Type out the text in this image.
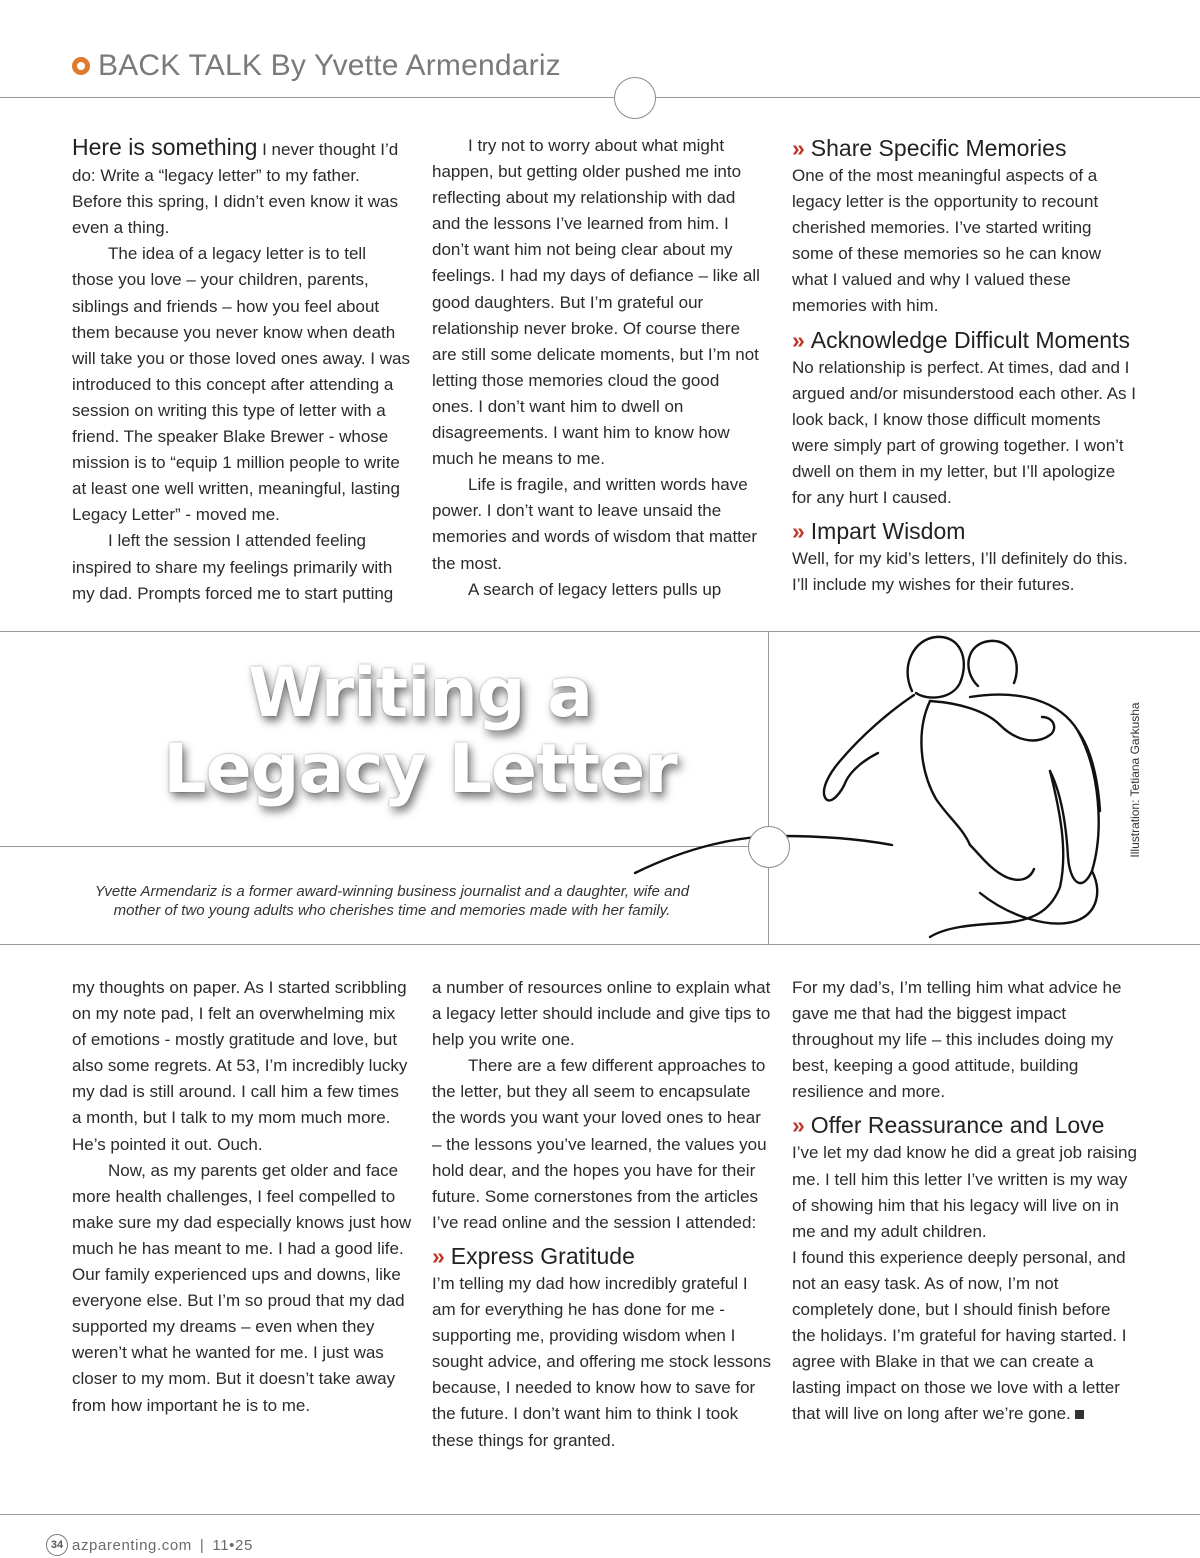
BACK TALK By Yvette Armendariz

Here is something I never thought I’d do: Write a “legacy letter” to my father. Before this spring, I didn’t even know it was even a thing.

The idea of a legacy letter is to tell those you love – your children, parents, siblings and friends – how you feel about them because you never know when death will take you or those loved ones away. I was introduced to this concept after attending a session on writing this type of letter with a friend. The speaker Blake Brewer - whose mission is to “equip 1 million people to write at least one well written, meaningful, lasting Legacy Letter” - moved me.

I left the session I attended feeling inspired to share my feelings primarily with my dad. Prompts forced me to start putting

I try not to worry about what might happen, but getting older pushed me into reflecting about my relationship with dad and the lessons I’ve learned from him. I don’t want him not being clear about my feelings. I had my days of defiance – like all good daughters. But I’m grateful our relationship never broke. Of course there are still some delicate moments, but I’m not letting those memories cloud the good ones. I don’t want him to dwell on disagreements. I want him to know how much he means to me.

Life is fragile, and written words have power. I don’t want to leave unsaid the memories and words of wisdom that matter the most.

A search of legacy letters pulls up

» Share Specific Memories

One of the most meaningful aspects of a legacy letter is the opportunity to recount cherished memories. I’ve started writing some of these memories so he can know what I valued and why I valued these memories with him.

» Acknowledge Difficult Moments

No relationship is perfect. At times, dad and I argued and/or misunderstood each other. As I look back, I know those difficult moments were simply part of growing together. I won’t dwell on them in my letter, but I’ll apologize for any hurt I caused.

» Impart Wisdom

Well, for my kid’s letters, I’ll definitely do this. I’ll include my wishes for their futures.

Writing a
Legacy Letter
Yvette Armendariz is a former award-winning business journalist and a daughter, wife and mother of two young adults who cherishes time and memories made with her family.
Illustration: Tetiana Garkusha

my thoughts on paper. As I started scribbling on my note pad, I felt an overwhelming mix of emotions - mostly gratitude and love, but also some regrets. At 53, I’m incredibly lucky my dad is still around. I call him a few times a month, but I talk to my mom much more. He’s pointed it out. Ouch.

Now, as my parents get older and face more health challenges, I feel compelled to make sure my dad especially knows just how much he has meant to me. I had a good life. Our family experienced ups and downs, like everyone else. But I’m so proud that my dad supported my dreams – even when they weren’t what he wanted for me. I just was closer to my mom. But it doesn’t take away from how important he is to me.

a number of resources online to explain what a legacy letter should include and give tips to help you write one.

There are a few different approaches to the letter, but they all seem to encapsulate the words you want your loved ones to hear – the lessons you’ve learned, the values you hold dear, and the hopes you have for their future. Some cornerstones from the articles I’ve read online and the session I attended:

» Express Gratitude

I’m telling my dad how incredibly grateful I am for everything he has done for me - supporting me, providing wisdom when I sought advice, and offering me stock lessons because, I needed to know how to save for the future. I don’t want him to think I took these things for granted.

For my dad’s, I’m telling him what advice he gave me that had the biggest impact throughout my life – this includes doing my best, keeping a good attitude, building resilience and more.

» Offer Reassurance and Love

I’ve let my dad know he did a great job raising me. I tell him this letter I’ve written is my way of showing him that his legacy will live on in me and my adult children.

I found this experience deeply personal, and not an easy task. As of now, I’m not completely done, but I should finish before the holidays. I’m grateful for having started. I agree with Blake in that we can create a lasting impact on those we love with a letter that will live on long after we’re gone.

34 azparenting.com | 11•25
